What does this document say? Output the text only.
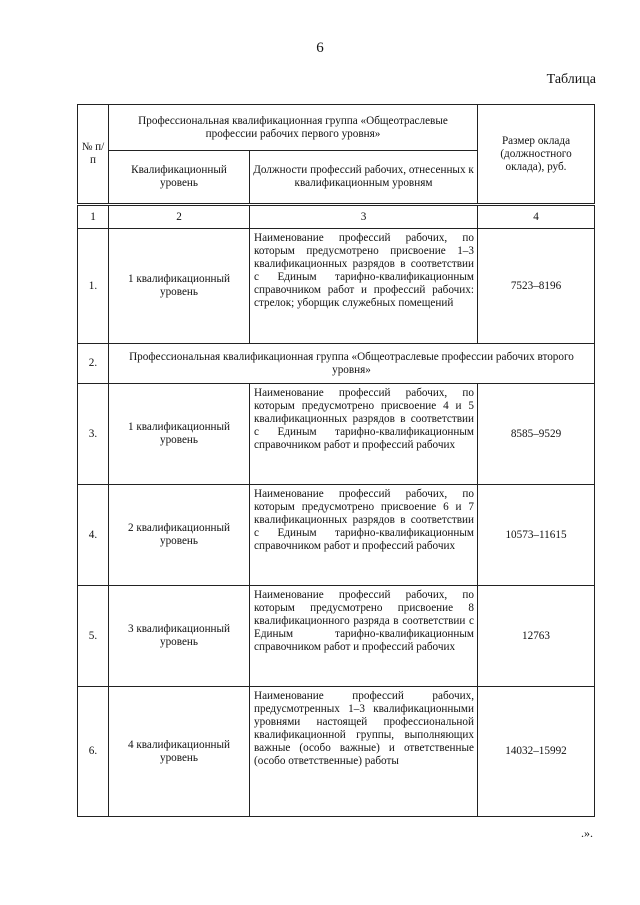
6
Таблица
№ п/п	Профессиональная квалификационная группа «Общеотраслевые профессии рабочих первого уровня»		Размер оклада (должностного оклада), руб.
	Квалификационный уровень	Должности профессий рабочих, отнесенных к квалификационным уровням	
1	2	3	4
1.	1 квалификационный уровень	Наименование профессий рабочих, по которым предусмотрено присвоение 1–3 квалификационных разрядов в соответствии с Единым тарифно-квалификационным справочником работ и профессий рабочих: стрелок; уборщик служебных помещений	7523–8196
2.	Профессиональная квалификационная группа «Общеотраслевые профессии рабочих второго уровня»		
3.	1 квалификационный уровень	Наименование профессий рабочих, по которым предусмотрено присвоение 4 и 5 квалификационных разрядов в соответствии с Единым тарифно-квалификационным справочником работ и профессий рабочих	8585–9529
4.	2 квалификационный уровень	Наименование профессий рабочих, по которым предусмотрено присвоение 6 и 7 квалификационных разрядов в соответствии с Единым тарифно-квалификационным справочником работ и профессий рабочих	10573–11615
5.	3 квалификационный уровень	Наименование профессий рабочих, по которым предусмотрено присвоение 8 квалификационного разряда в соответствии с Единым тарифно-квалификационным справочником работ и профессий рабочих	12763
6.	4 квалификационный уровень	Наименование профессий рабочих, предусмотренных 1–3 квалификационными уровнями настоящей профессиональной квалификационной группы, выполняющих важные (особо важные) и ответственные (особо ответственные) работы	14032–15992
.».
